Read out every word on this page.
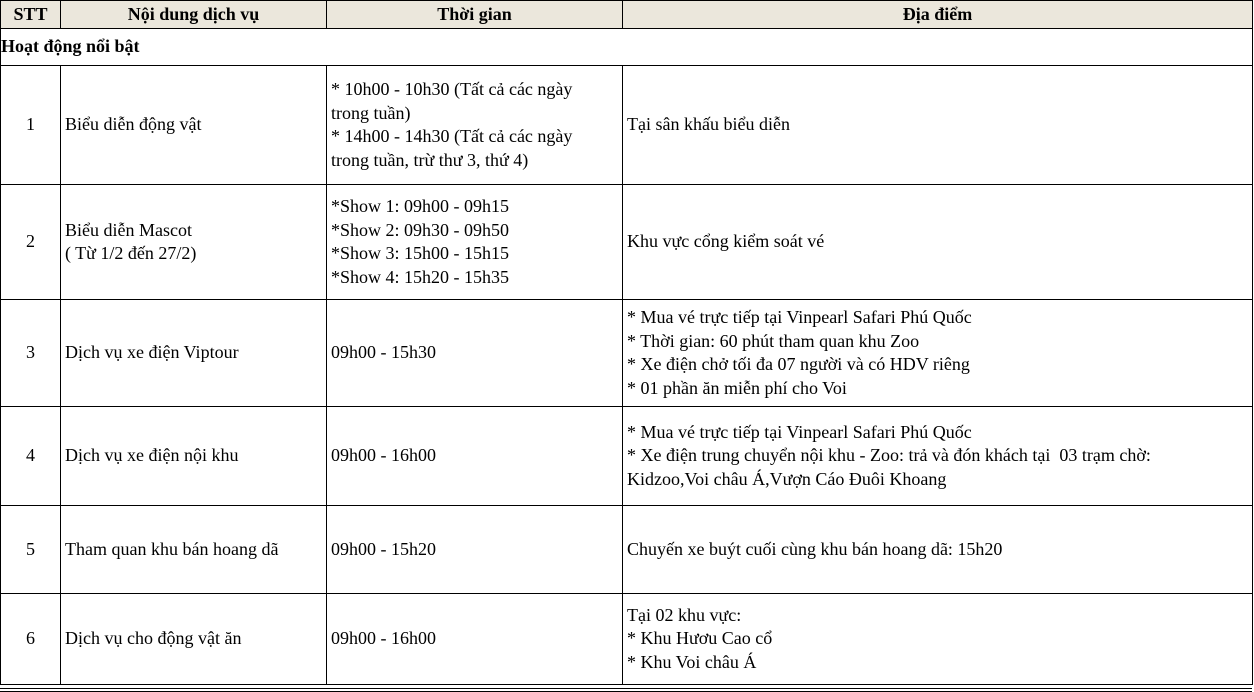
STT	Nội dung dịch vụ	Thời gian	Địa điểm
Hoạt động nổi bật			
1	Biểu diễn động vật	* 10h00 - 10h30 (Tất cả các ngày
trong tuần)
* 14h00 - 14h30 (Tất cả các ngày
trong tuần, trừ thư 3, thứ 4)	Tại sân khấu biểu diễn

2	Biểu diễn Mascot
( Từ 1/2 đến 27/2)	*Show 1: 09h00 - 09h15
*Show 2: 09h30 - 09h50
*Show 3: 15h00 - 15h15
*Show 4: 15h20 - 15h35	Khu vực cổng kiểm soát vé

3	Dịch vụ xe điện Viptour	09h00 - 15h30	* Mua vé trực tiếp tại Vinpearl Safari Phú Quốc
* Thời gian: 60 phút tham quan khu Zoo
* Xe điện chở tối đa 07 người và có HDV riêng
* 01 phần ăn miễn phí cho Voi

4	Dịch vụ xe điện nội khu	09h00 - 16h00	* Mua vé trực tiếp tại Vinpearl Safari Phú Quốc
* Xe điện trung chuyển nội khu - Zoo: trả và đón khách tại  03 trạm chờ:
Kidzoo,Voi châu Á,Vượn Cáo Đuôi Khoang

5	Tham quan khu bán hoang dã	09h00 - 15h20	Chuyến xe buýt cuối cùng khu bán hoang dã: 15h20

6	Dịch vụ cho động vật ăn	09h00 - 16h00	Tại 02 khu vực:
* Khu Hươu Cao cổ
* Khu Voi châu Á
